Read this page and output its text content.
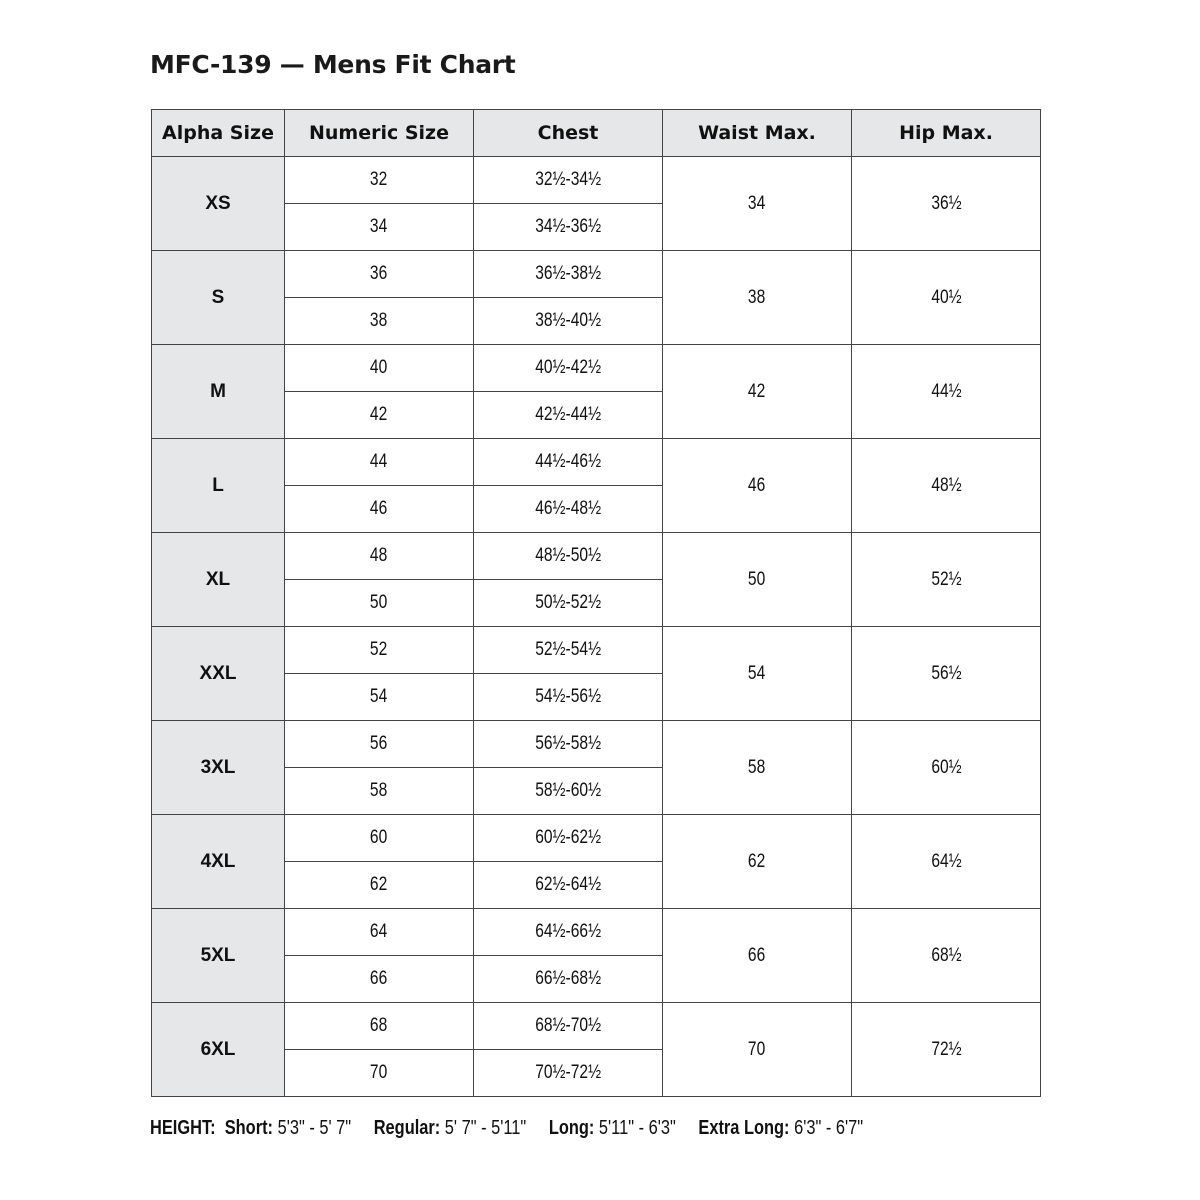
MFC-139 — Mens Fit Chart
Alpha Size	Numeric Size	Chest	Waist Max.	Hip Max.
XS	32	32½-34½	34	36½
	34	34½-36½		
S	36	36½-38½	38	40½
	38	38½-40½		
M	40	40½-42½	42	44½
	42	42½-44½		
L	44	44½-46½	46	48½
	46	46½-48½		
XL	48	48½-50½	50	52½
	50	50½-52½		
XXL	52	52½-54½	54	56½
	54	54½-56½		
3XL	56	56½-58½	58	60½
	58	58½-60½		
4XL	60	60½-62½	62	64½
	62	62½-64½		
5XL	64	64½-66½	66	68½
	66	66½-68½		
6XL	68	68½-70½	70	72½
	70	70½-72½		
HEIGHT: Short: 5'3" - 5' 7" Regular: 5' 7" - 5'11" Long: 5'11" - 6'3" Extra Long: 6'3" - 6'7"
